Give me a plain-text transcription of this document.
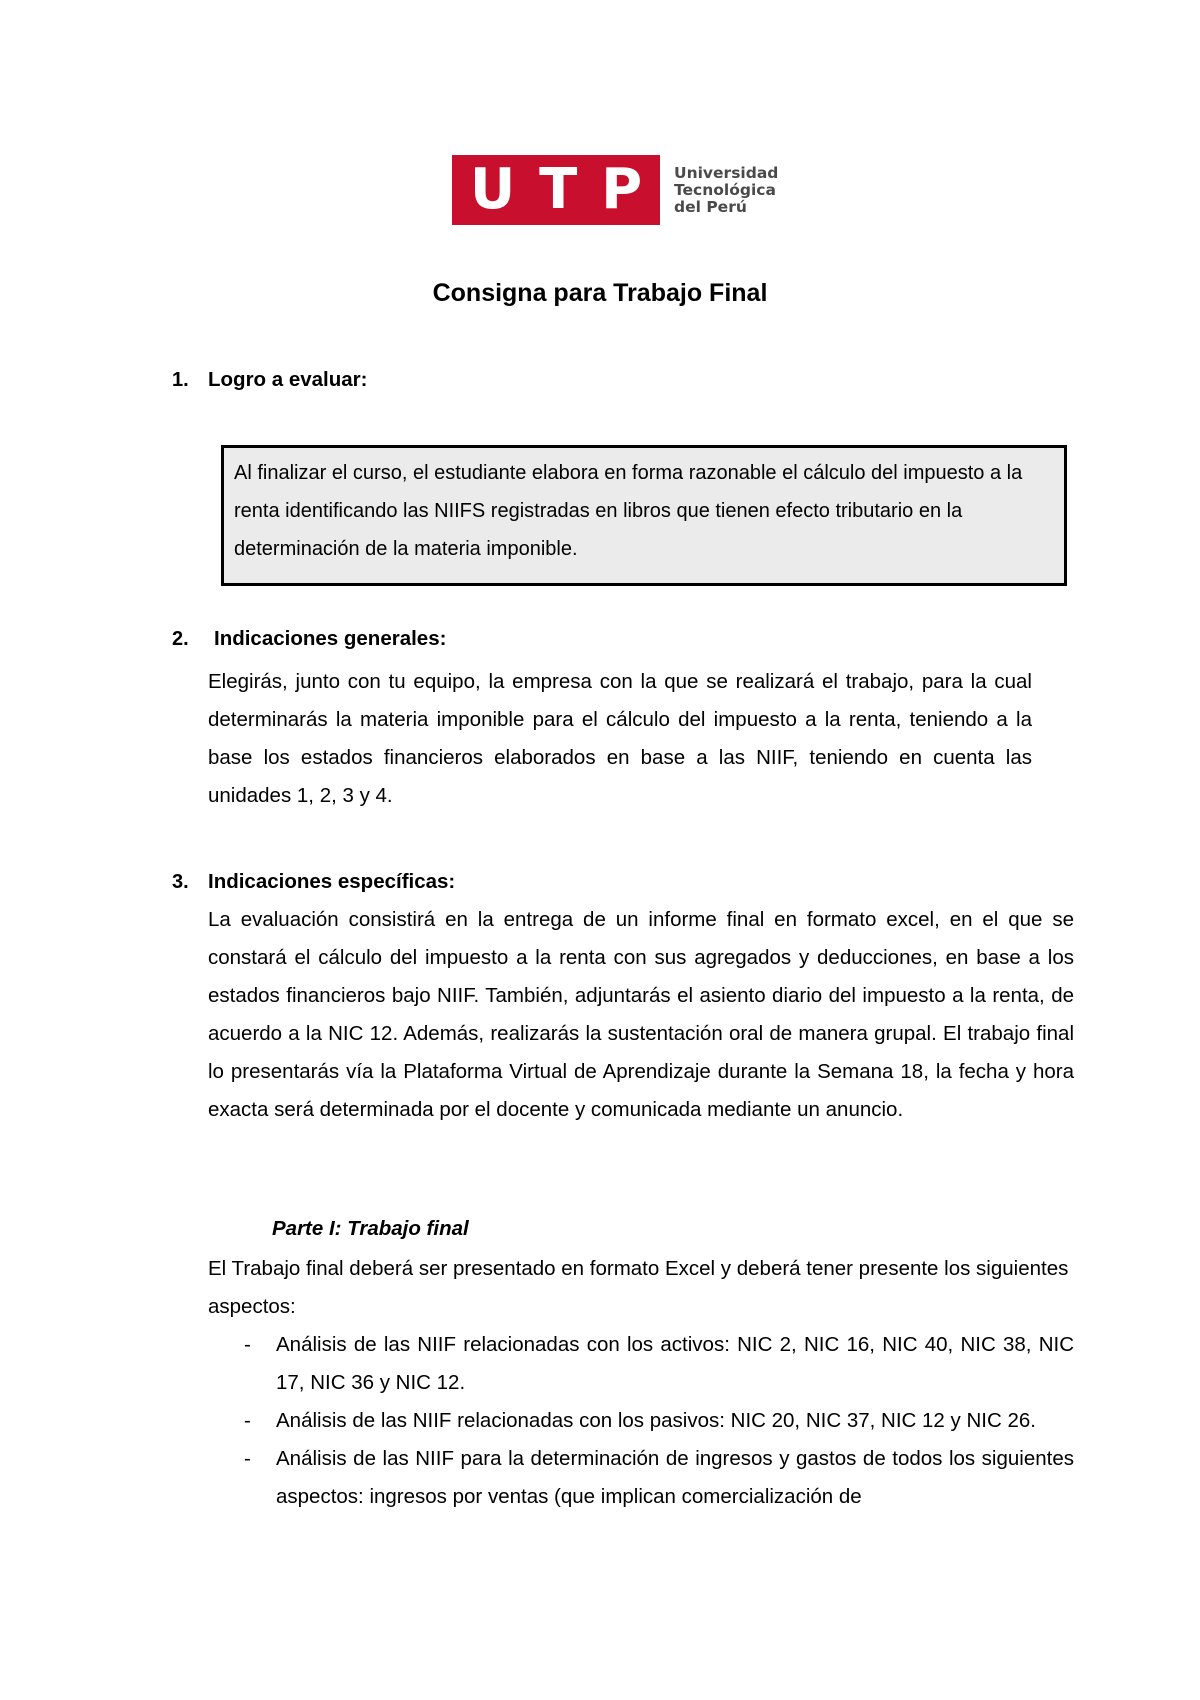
U T P Universidad
Tecnológica
del Perú
Consigna para Trabajo Final
1. Logro a evaluar:
Al finalizar el curso, el estudiante elabora en forma razonable el cálculo del impuesto a la renta identificando las NIIFS registradas en libros que tienen efecto tributario en la determinación de la materia imponible.
2. Indicaciones generales:
Elegirás, junto con tu equipo, la empresa con la que se realizará el trabajo, para la cual determinarás la materia imponible para el cálculo del impuesto a la renta, teniendo a la base los estados financieros elaborados en base a las NIIF, teniendo en cuenta las unidades 1, 2, 3 y 4.
3. Indicaciones específicas:
La evaluación consistirá en la entrega de un informe final en formato excel, en el que se constará el cálculo del impuesto a la renta con sus agregados y deducciones, en base a los estados financieros bajo NIIF. También, adjuntarás el asiento diario del impuesto a la renta, de acuerdo a la NIC 12. Además, realizarás la sustentación oral de manera grupal. El trabajo final lo presentarás vía la Plataforma Virtual de Aprendizaje durante la Semana 18, la fecha y hora exacta será determinada por el docente y comunicada mediante un anuncio.
Parte I: Trabajo final
El Trabajo final deberá ser presentado en formato Excel y deberá tener presente los siguientes aspectos:
- Análisis de las NIIF relacionadas con los activos: NIC 2, NIC 16, NIC 40, NIC 38, NIC 17, NIC 36 y NIC 12.
- Análisis de las NIIF relacionadas con los pasivos: NIC 20, NIC 37, NIC 12 y NIC 26.
- Análisis de las NIIF para la determinación de ingresos y gastos de todos los siguientes aspectos: ingresos por ventas (que implican comercialización de
